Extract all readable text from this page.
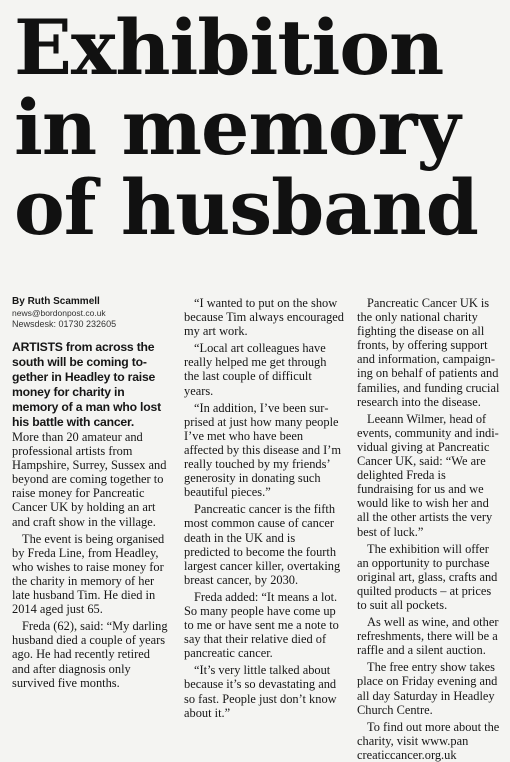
Exhibition
in memory
of husband
By Ruth Scammell
news@bordonpost.co.uk
Newsdesk: 01730 232605
ARTISTS from across the south will be coming together in Headley to raise money for charity in memory of a man who lost his battle with cancer.

More than 20 amateur and professional artists from Hampshire, Surrey, Sussex and beyond are coming together to raise money for Pancreatic Cancer UK by holding an art and craft show in the village.

The event is being organised by Freda Line, from Headley, who wishes to raise money for the charity in memory of her late husband Tim. He died in 2014 aged just 65.

Freda (62), said: “My darling husband died a couple of years ago. He had recently retired and after diagnosis only survived five months.

“I wanted to put on the show because Tim always encouraged my art work.

“Local art colleagues have really helped me get through the last couple of difficult years.

“In addition, I’ve been surprised at just how many people I’ve met who have been affected by this disease and I’m really touched by my friends’ generosity in donating such beautiful pieces.”

Pancreatic cancer is the fifth most common cause of cancer death in the UK and is predicted to become the fourth largest cancer killer, overtaking breast cancer, by 2030.

Freda added: “It means a lot. So many people have come up to me or have sent me a note to say that their relative died of pancreatic cancer.

“It’s very little talked about because it’s so devastating and so fast. People just don’t know about it.”

Pancreatic Cancer UK is the only national charity fighting the disease on all fronts, by offering support and information, campaigning on behalf of patients and families, and funding crucial research into the disease.

Leeann Wilmer, head of events, community and individual giving at Pancreatic Cancer UK, said: “We are delighted Freda is fundraising for us and we would like to wish her and all the other artists the very best of luck.”

The exhibition will offer an opportunity to purchase original art, glass, crafts and quilted products – at prices to suit all pockets.

As well as wine, and other refreshments, there will be a raffle and a silent auction.

The free entry show takes place on Friday evening and all day Saturday in Headley Church Centre.

To find out more about the charity, visit www.pan creaticcancer.org.uk
